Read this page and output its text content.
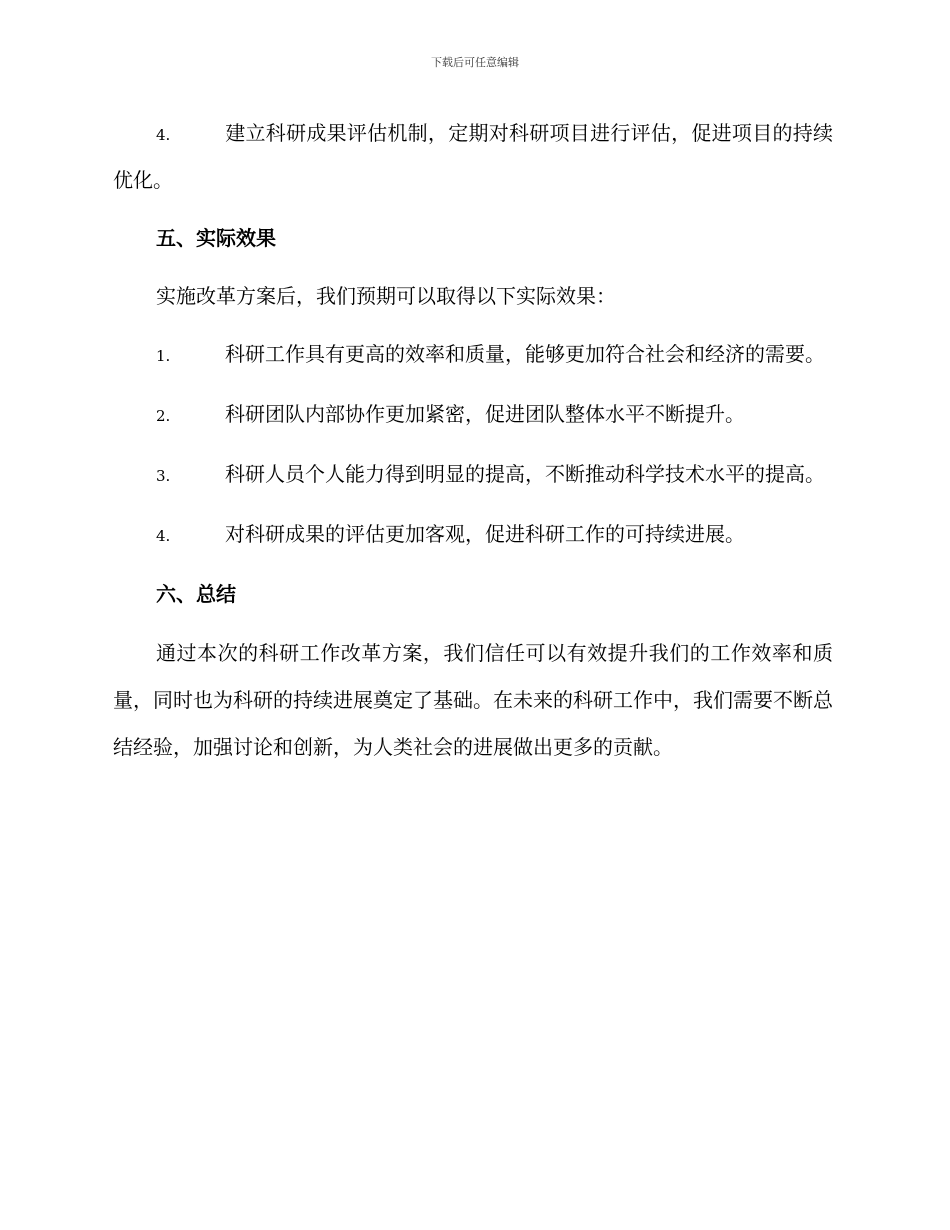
下载后可任意编辑

4.	建立科研成果评估机制，定期对科研项目进行评估，促进项目的持续优化。

五、实际效果

实施改革方案后，我们预期可以取得以下实际效果：

1.	科研工作具有更高的效率和质量，能够更加符合社会和经济的需要。

2.	科研团队内部协作更加紧密，促进团队整体水平不断提升。

3.	科研人员个人能力得到明显的提高，不断推动科学技术水平的提高。

4.	对科研成果的评估更加客观，促进科研工作的可持续进展。

六、总结

通过本次的科研工作改革方案，我们信任可以有效提升我们的工作效率和质量，同时也为科研的持续进展奠定了基础。在未来的科研工作中，我们需要不断总结经验，加强讨论和创新，为人类社会的进展做出更多的贡献。
